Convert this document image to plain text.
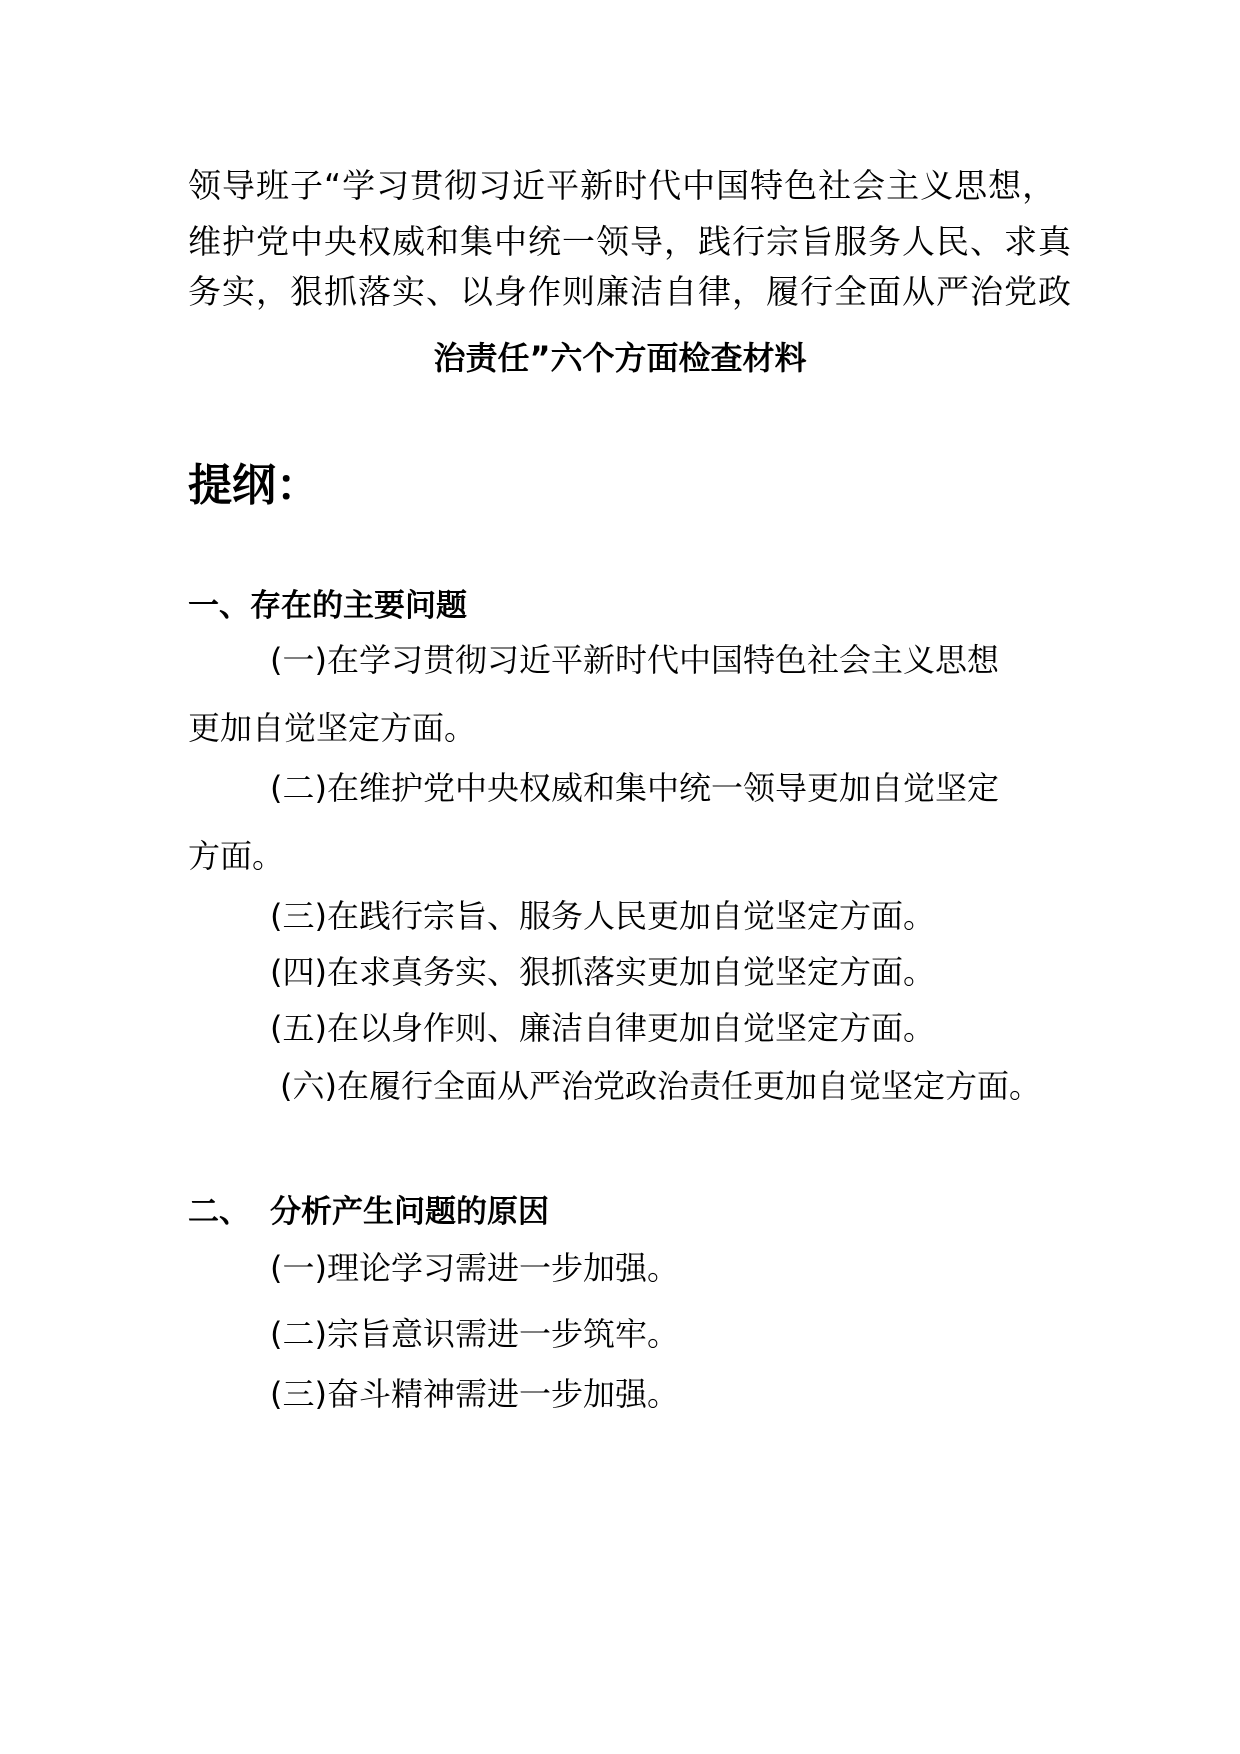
领导班子“学习贯彻习近平新时代中国特色社会主义思想，
维护党中央权威和集中统一领导，践行宗旨服务人民、求真
务实，狠抓落实、以身作则廉洁自律，履行全面从严治党政
治责任”六个方面检查材料
提纲：
一、存在的主要问题
(一)在学习贯彻习近平新时代中国特色社会主义思想
更加自觉坚定方面。
(二)在维护党中央权威和集中统一领导更加自觉坚定
方面。
(三)在践行宗旨、服务人民更加自觉坚定方面。
(四)在求真务实、狠抓落实更加自觉坚定方面。
(五)在以身作则、廉洁自律更加自觉坚定方面。
(六)在履行全面从严治党政治责任更加自觉坚定方面。
二、 分析产生问题的原因
(一)理论学习需进一步加强。
(二)宗旨意识需进一步筑牢。
(三)奋斗精神需进一步加强。
